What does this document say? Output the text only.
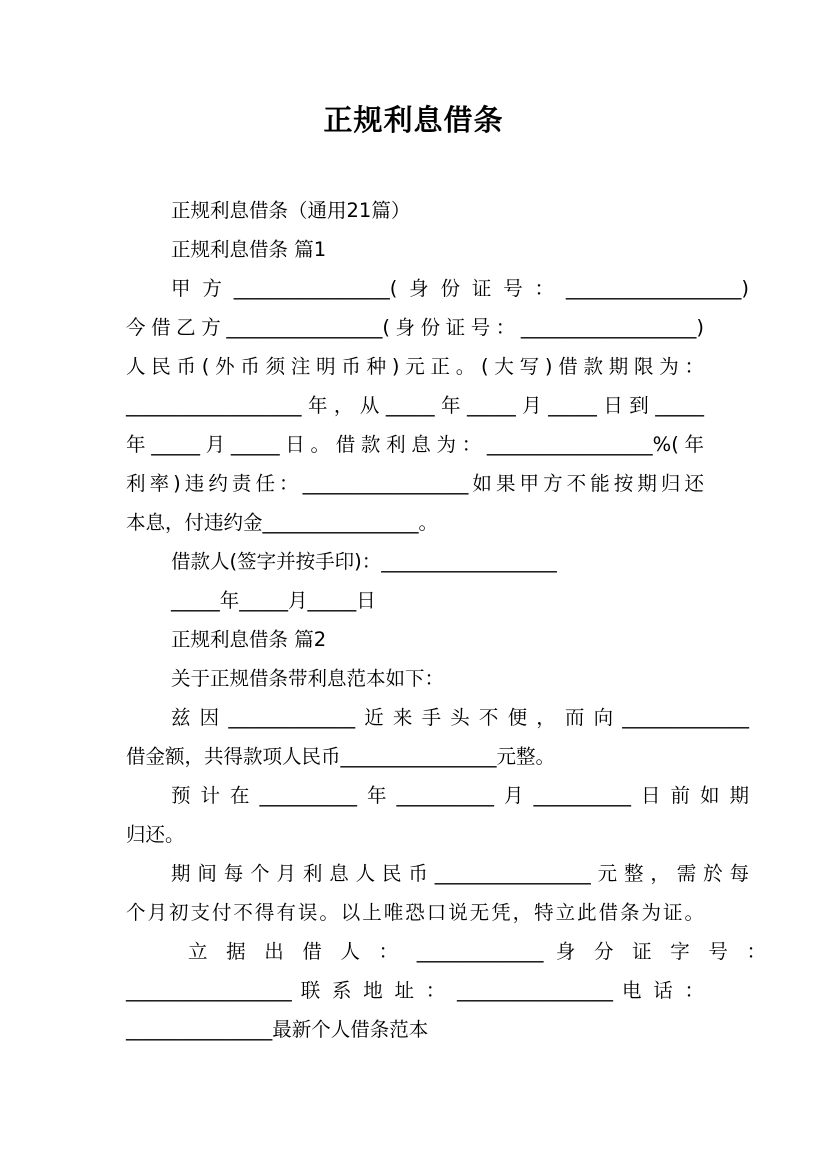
正规利息借条
正规利息借条（通用21篇）
正规利息借条 篇1
甲方________________(身份证号：__________________)
今借乙方________________(身份证号：__________________)
人民币(外币须注明币种)元正。(大写)借款期限为：
__________________年，从_____年_____月_____日到_____
年_____月_____日。借款利息为：_________________%(年
利率)违约责任：_________________如果甲方不能按期归还
本息，付违约金________________。
借款人(签字并按手印)：__________________
_____年_____月_____日
正规利息借条 篇2
关于正规借条带利息范本如下：
兹因_____________近来手头不便，而向_____________
借金额，共得款项人民币________________元整。
预计在__________年__________月__________日前如期
归还。
期间每个月利息人民币________________元整，需於每
个月初支付不得有误。以上唯恐口说无凭，特立此借条为证。
立 据 出 借 人 ： _____________ 身 分 证 字 号 ：
_________________ 联 系 地 址 ： ________________ 电 话 ：
_______________最新个人借条范本
